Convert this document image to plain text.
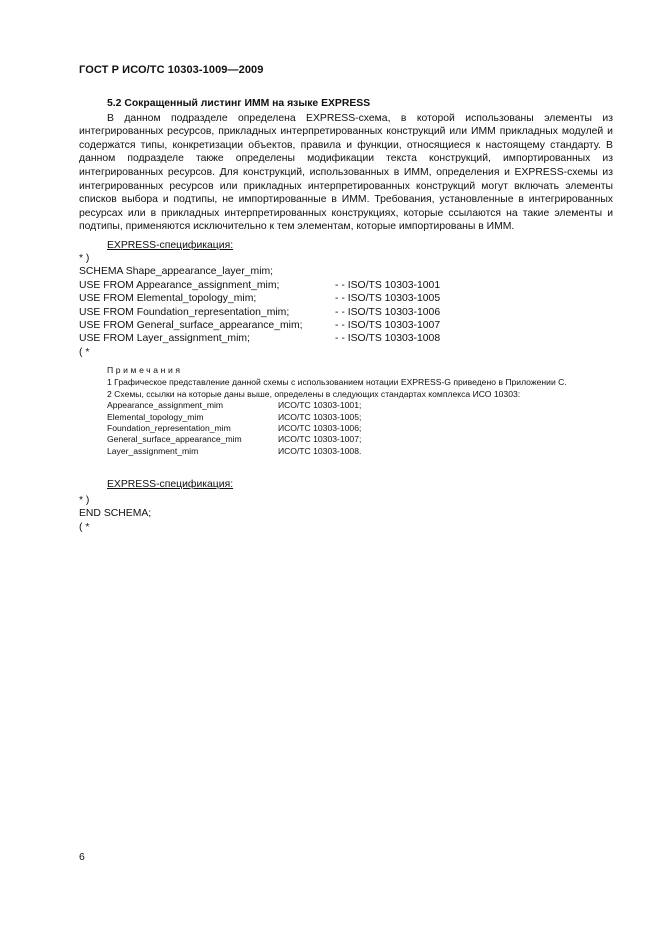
ГОСТ Р ИСО/ТС 10303-1009—2009
5.2 Сокращенный листинг ИММ на языке EXPRESS

В данном подразделе определена EXPRESS-схема, в которой использованы элементы из интегрированных ресурсов, прикладных интерпретированных конструкций или ИММ прикладных модулей и содержатся типы, конкретизации объектов, правила и функции, относящиеся к настоящему стандарту. В данном подразделе также определены модификации текста конструкций, импортированных из интегрированных ресурсов. Для конструкций, использованных в ИММ, определения и EXPRESS-схемы из интегрированных ресурсов или прикладных интерпретированных конструкций могут включать элементы списков выбора и подтипы, не импортированные в ИММ. Требования, установленные в интегрированных ресурсах или в прикладных интерпретированных конструкциях, которые ссылаются на такие элементы и подтипы, применяются исключительно к тем элементам, которые импортированы в ИММ.

EXPRESS-спецификация:
* )
SCHEMA Shape_appearance_layer_mim;
USE FROM Appearance_assignment_mim;	- - ISO/TS 10303-1001
USE FROM Elemental_topology_mim;	- - ISO/TS 10303-1005
USE FROM Foundation_representation_mim;	- - ISO/TS 10303-1006
USE FROM General_surface_appearance_mim;	- - ISO/TS 10303-1007
USE FROM Layer_assignment_mim;	- - ISO/TS 10303-1008
( *
Примечания

1 Графическое представление данной схемы с использованием нотации EXPRESS-G приведено в Приложении С.

2 Схемы, ссылки на которые даны выше, определены в следующих стандартах комплекса ИСО 10303:

Appearance_assignment_mim	ИСО/ТС 10303-1001;
Elemental_topology_mim	ИСО/ТС 10303-1005;
Foundation_representation_mim	ИСО/ТС 10303-1006;
General_surface_appearance_mim	ИСО/ТС 10303-1007;
Layer_assignment_mim	ИСО/ТС 10303-1008.
EXPRESS-спецификация:
* )
END SCHEMA;
( *
6
